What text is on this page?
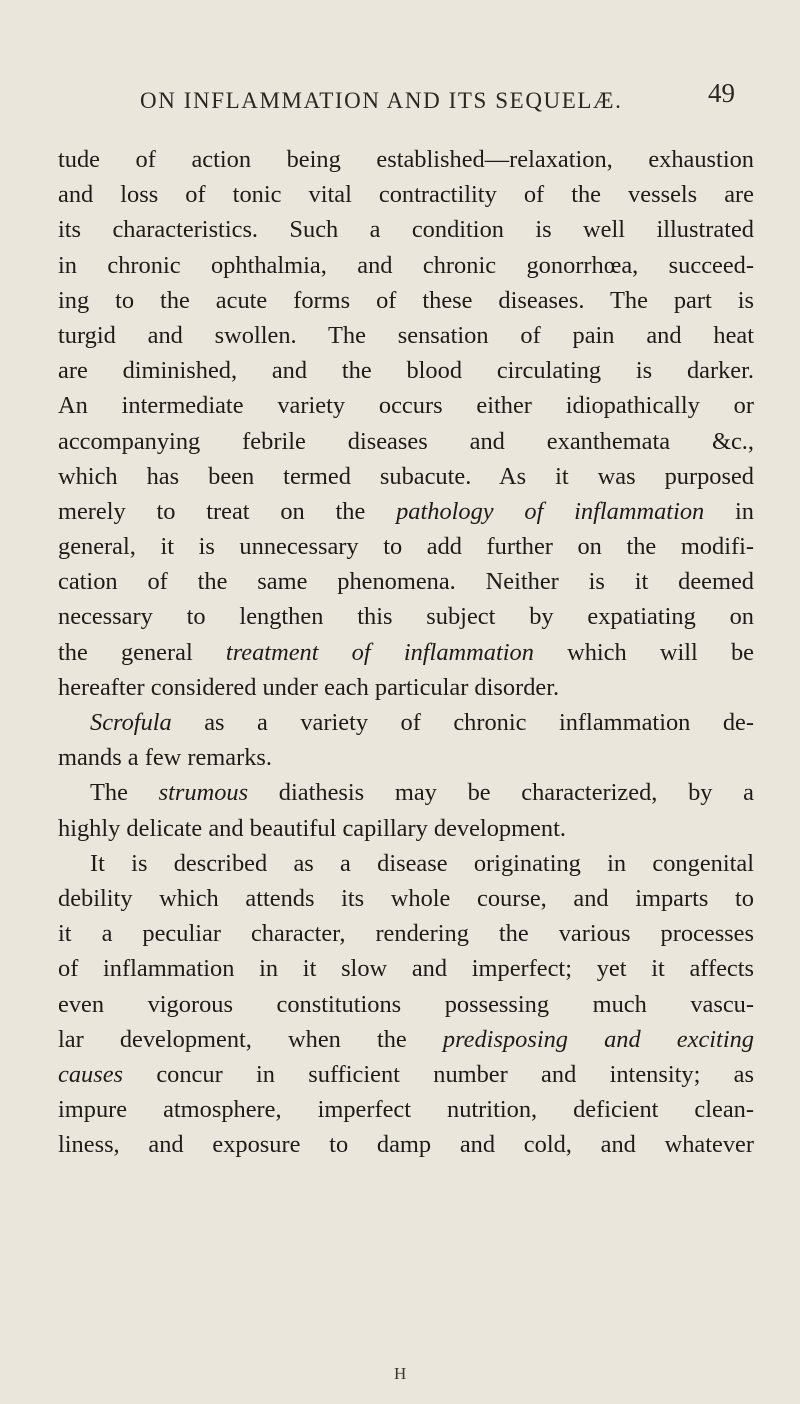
ON INFLAMMATION AND ITS SEQUELÆ.	49
tude of action being established—relaxation, exhaustion
and loss of tonic vital contractility of the vessels are
its characteristics. Such a condition is well illustrated
in chronic ophthalmia, and chronic gonorrhœa, succeed-
ing to the acute forms of these diseases. The part is
turgid and swollen. The sensation of pain and heat
are diminished, and the blood circulating is darker.
An intermediate variety occurs either idiopathically or
accompanying febrile diseases and exanthemata &c.,
which has been termed subacute. As it was purposed
merely to treat on the pathology of inflammation in
general, it is unnecessary to add further on the modifi-
cation of the same phenomena. Neither is it deemed
necessary to lengthen this subject by expatiating on
the general treatment of inflammation which will be
hereafter considered under each particular disorder.
Scrofula as a variety of chronic inflammation de-
mands a few remarks.
The strumous diathesis may be characterized, by a
highly delicate and beautiful capillary development.
It is described as a disease originating in congenital
debility which attends its whole course, and imparts to
it a peculiar character, rendering the various processes
of inflammation in it slow and imperfect; yet it affects
even vigorous constitutions possessing much vascu-
lar development, when the predisposing and exciting
causes concur in sufficient number and intensity; as
impure atmosphere, imperfect nutrition, deficient clean-
liness, and exposure to damp and cold, and whatever
H
